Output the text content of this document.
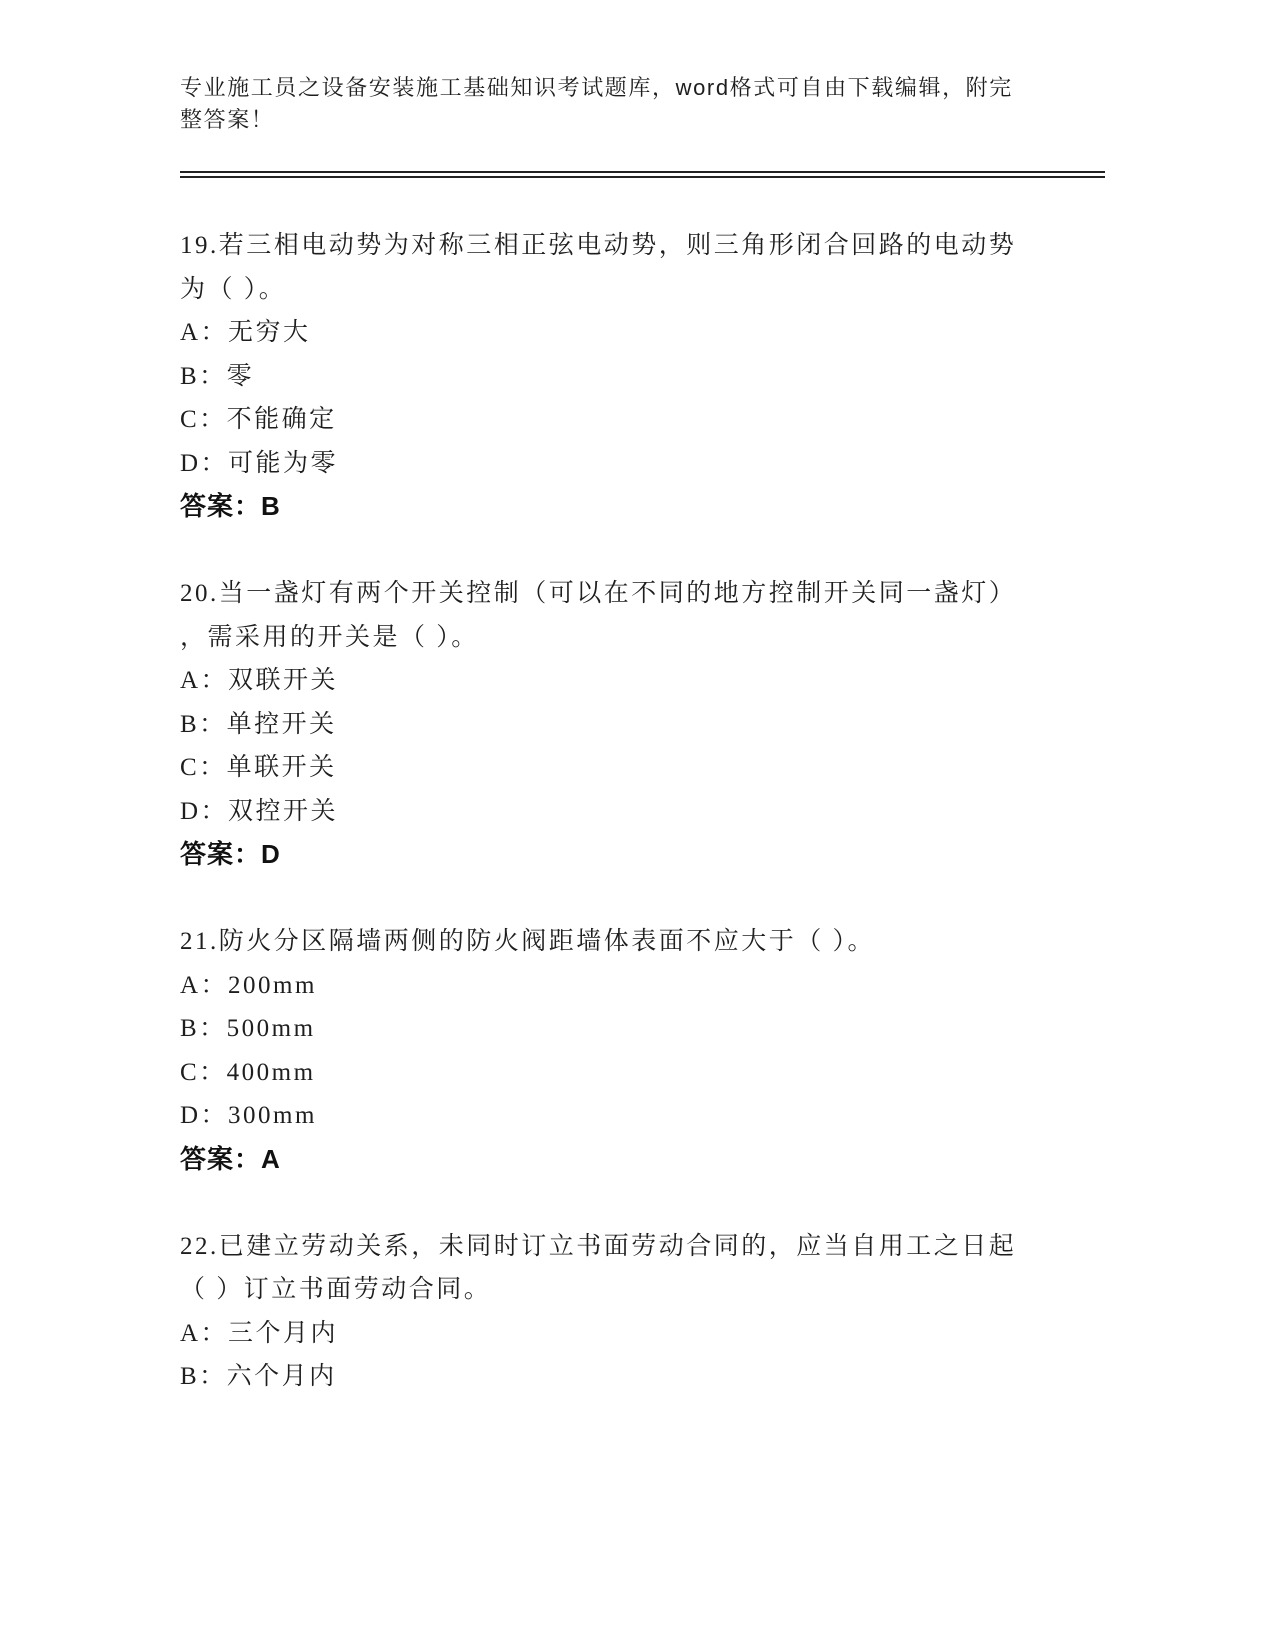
专业施工员之设备安装施工基础知识考试题库，word格式可自由下载编辑，附完
整答案！
19.若三相电动势为对称三相正弦电动势，则三角形闭合回路的电动势
为（ ）。
A：无穷大
B：零
C：不能确定
D：可能为零
答案：B
20.当一盏灯有两个开关控制（可以在不同的地方控制开关同一盏灯）
，需采用的开关是（ ）。
A：双联开关
B：单控开关
C：单联开关
D：双控开关
答案：D
21.防火分区隔墙两侧的防火阀距墙体表面不应大于（ ）。
A：200mm
B：500mm
C：400mm
D：300mm
答案：A
22.已建立劳动关系，未同时订立书面劳动合同的，应当自用工之日起
（ ）订立书面劳动合同。
A：三个月内
B：六个月内
